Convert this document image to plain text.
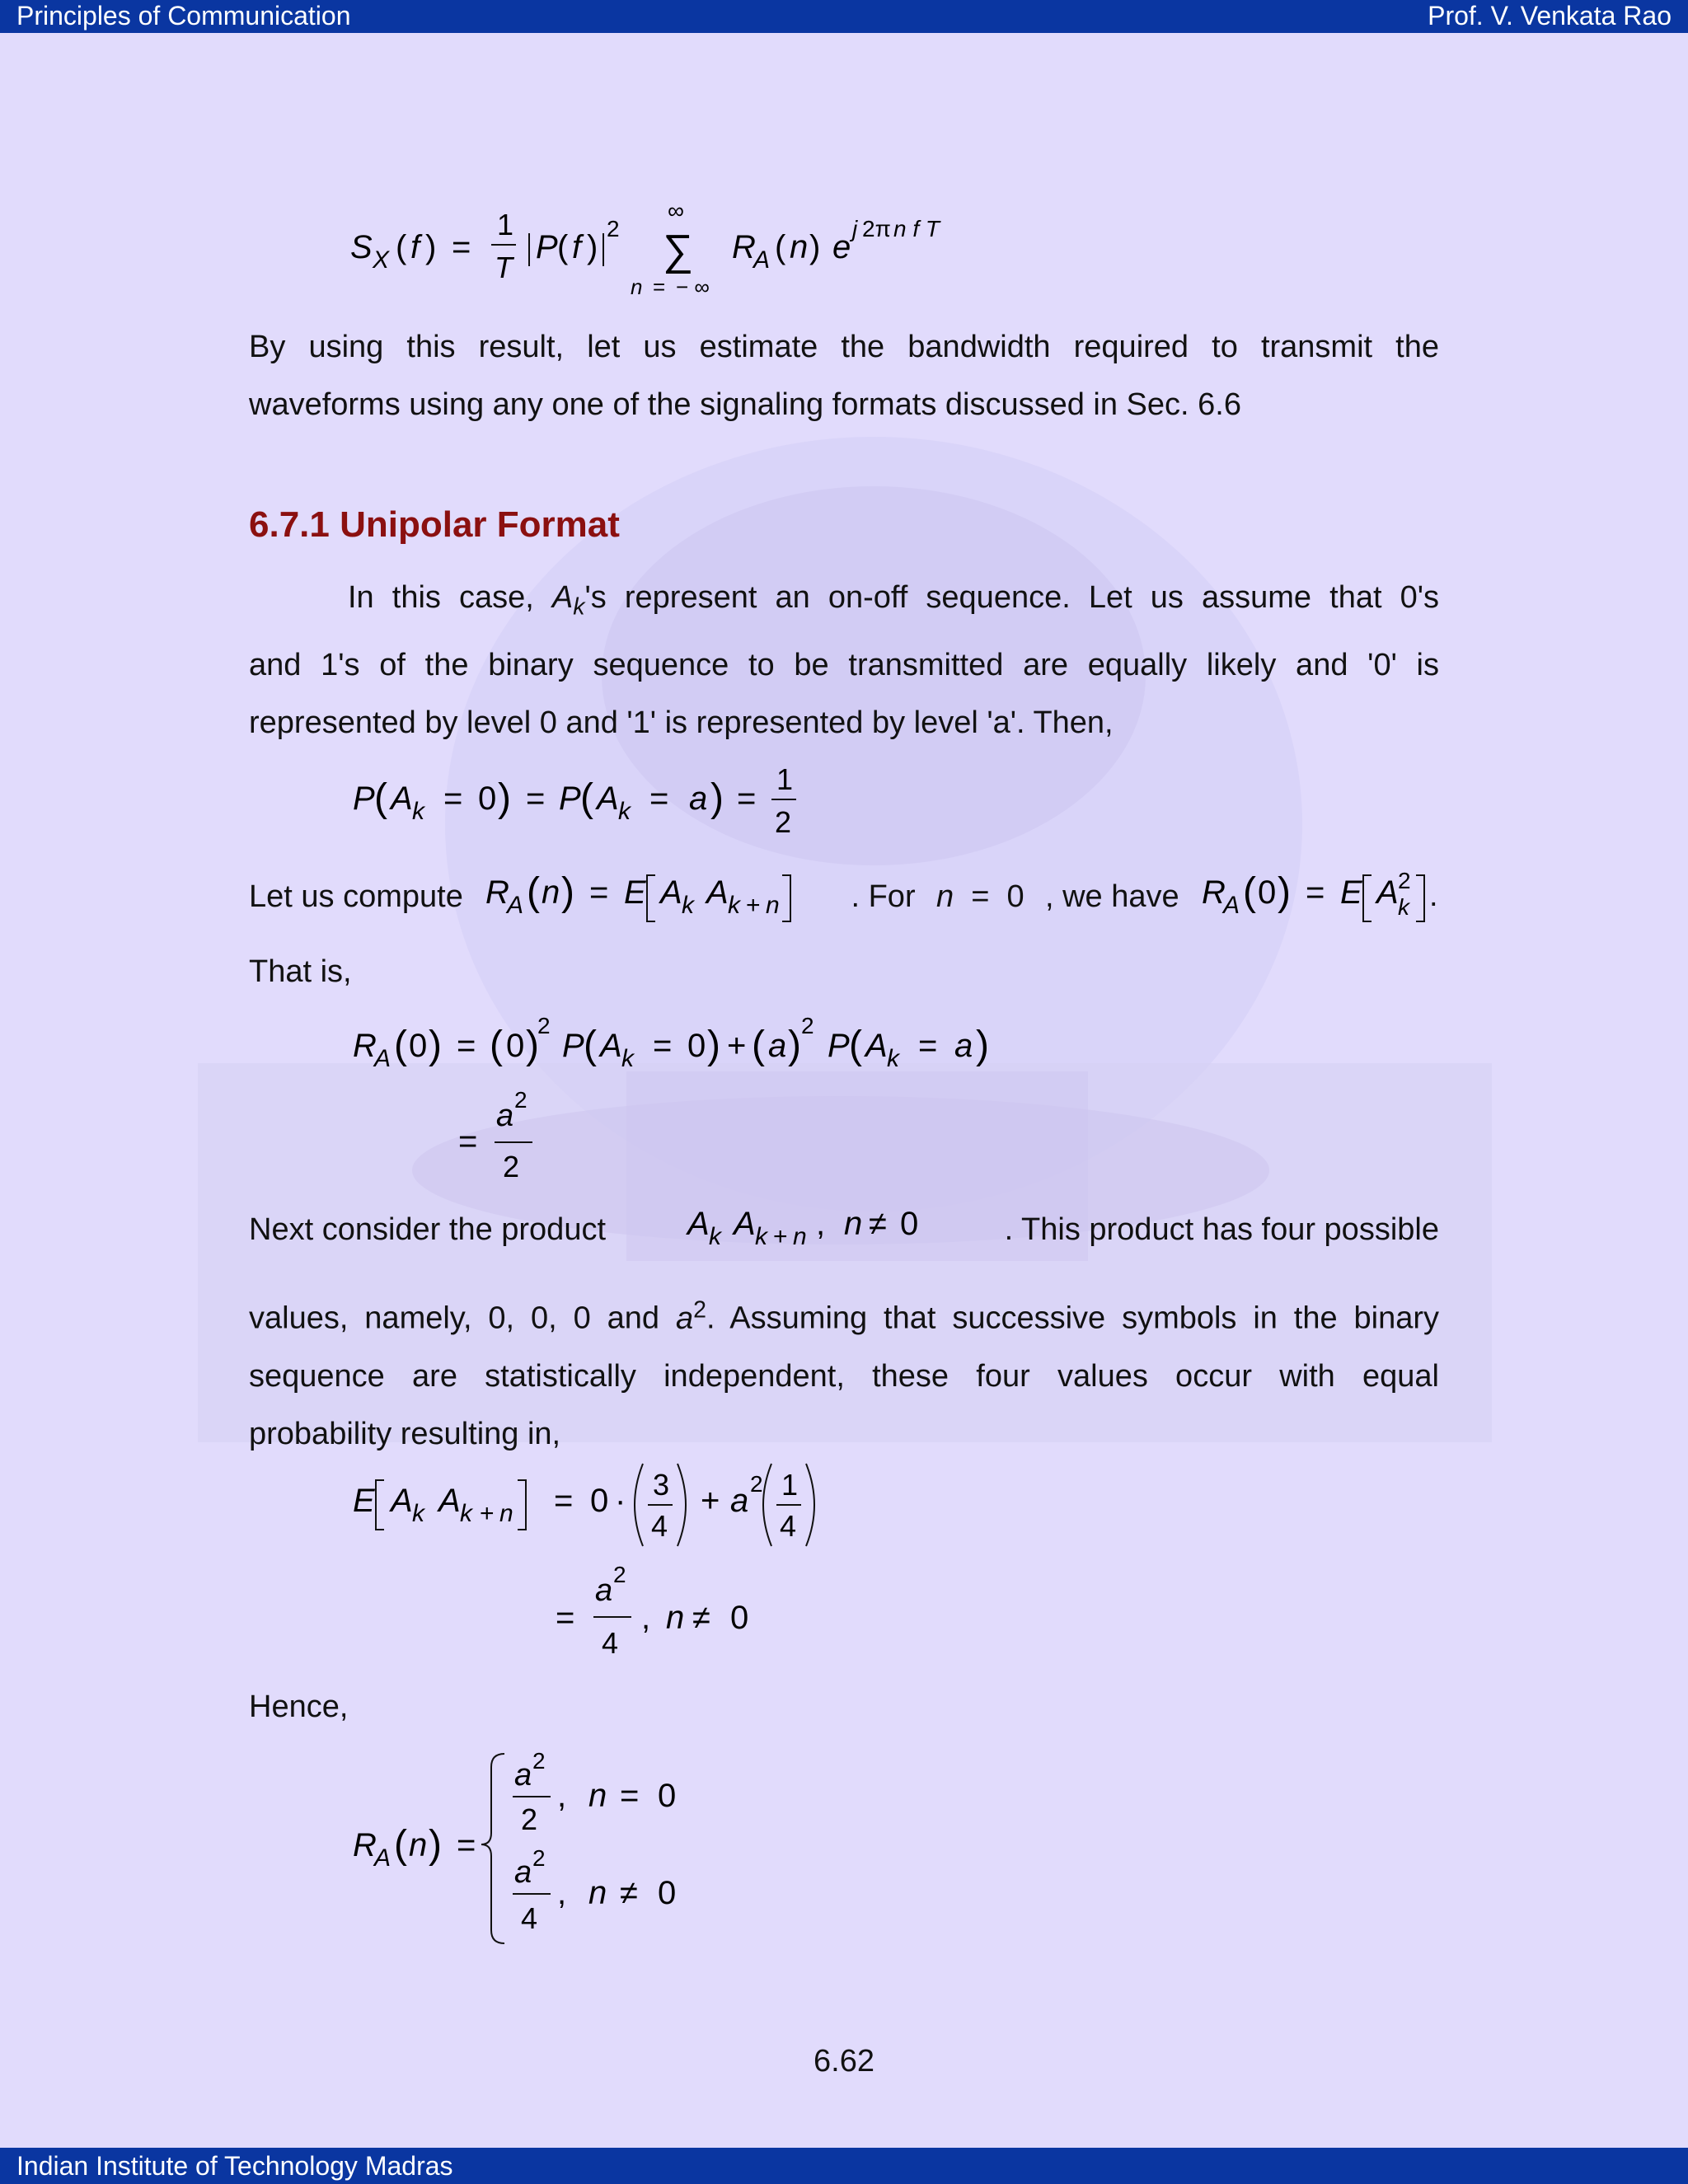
Principles of Communication	Prof. V. Venkata Rao
S X ( f ) =
1
T
P ( f )
2
∞
∑
n = − ∞
R
A ( n ) e
j 2π n f T
By using this result, let us estimate the bandwidth required to transmit the
waveforms using any one of the signaling formats discussed in Sec. 6.6
6.7.1 Unipolar Format
In this case, $A_k's$ represent an on-off sequence. Let us assume that 0's
and 1's of the binary sequence to be transmitted are equally likely and '0' is
represented by level 0 and '1' is represented by level 'a'. Then,
P ( A k = 0 ) = P ( A k = a ) =
1
2
Let us compute R
A ( n ) = E A k A k + n . For n  =  0 , we have R
A ( 0 ) = E A 2
k .
That is,
R
A ( 0 ) = ( 0 )
2
P ( A k = 0 ) + ( a ) 2
P ( A k = a )
=
a 2
2
Next consider the product A k A k + n , n ≠ 0	. This product has four possible
values, namely, 0, 0, 0 and $a^2$. Assuming that successive symbols in the binary
sequence are statistically independent, these four values occur with equal
probability resulting in,
E A k A k + n = 0 · 3
4
+ a 2 1
4
=
a 2
4
, n ≠ 0
Hence,
R
A ( n ) =
a 2
2
, n = 0
a 2
4
, n ≠ 0
6.62
Indian Institute of Technology Madras
